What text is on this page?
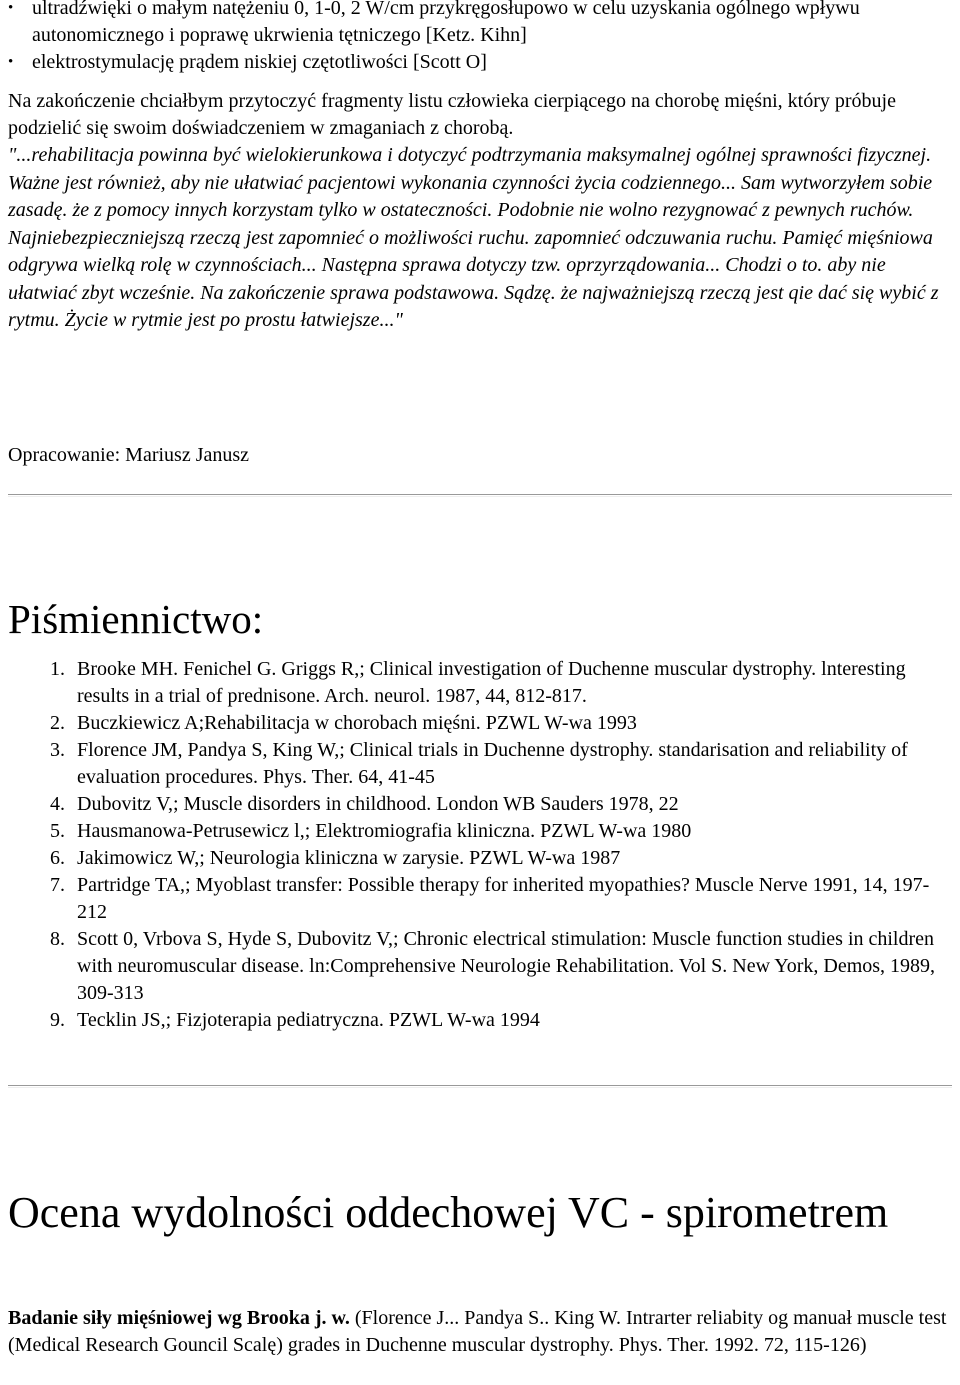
• ultradźwięki o małym natężeniu 0, 1-0, 2 W/cm przykręgosłupowo w celu uzyskania ogólnego wpływu autonomicznego i poprawę ukrwienia tętniczego [Ketz. Kihn]
• elektrostymulację prądem niskiej czętotliwości [Scott O]

Na zakończenie chciałbym przytoczyć fragmenty listu człowieka cierpiącego na chorobę mięśni, który próbuje podzielić się swoim doświadczeniem w zmaganiach z chorobą.

"...rehabilitacja powinna być wielokierunkowa i dotyczyć podtrzymania maksymalnej ogólnej sprawności fizycznej. Ważne jest również, aby nie ułatwiać pacjentowi wykonania czynności życia codziennego... Sam wytworzyłem sobie zasadę. że z pomocy innych korzystam tylko w ostateczności. Podobnie nie wolno rezygnować z pewnych ruchów. Najniebezpieczniejszą rzeczą jest zapomnieć o możliwości ruchu. zapomnieć odczuwania ruchu. Pamięć mięśniowa odgrywa wielką rolę w czynnościach... Następna sprawa dotyczy tzw. oprzyrządowania... Chodzi o to. aby nie ułatwiać zbyt wcześnie. Na zakończenie sprawa podstawowa. Sądzę. że najważniejszą rzeczą jest qie dać się wybić z rytmu. Życie w rytmie jest po prostu łatwiejsze..."

Opracowanie: Mariusz Janusz

Piśmiennictwo:
1. Brooke MH. Fenichel G. Griggs R,; Clinical investigation of Duchenne muscular dystrophy. lnteresting results in a trial of prednisone. Arch. neurol. 1987, 44, 812-817.
2. Buczkiewicz A;Rehabilitacja w chorobach mięśni. PZWL W-wa 1993
3. Florence JM, Pandya S, King W,; Clinical trials in Duchenne dystrophy. standarisation and reliability of evaluation procedures. Phys. Ther. 64, 41-45
4. Dubovitz V,; Muscle disorders in childhood. London WB Sauders 1978, 22
5. Hausmanowa-Petrusewicz l,; Elektromiografia kliniczna. PZWL W-wa 1980
6. Jakimowicz W,; Neurologia kliniczna w zarysie. PZWL W-wa 1987
7. Partridge TA,; Myoblast transfer: Possible therapy for inherited myopathies? Muscle Nerve 1991, 14, 197-212
8. Scott 0, Vrbova S, Hyde S, Dubovitz V,; Chronic electrical stimulation: Muscle function studies in children with neuromuscular disease. ln:Comprehensive Neurologie Rehabilitation. Vol S. New York, Demos, 1989, 309-313
9. Tecklin JS,; Fizjoterapia pediatryczna. PZWL W-wa 1994
Ocena wydolności oddechowej VC - spirometrem

Badanie siły mięśniowej wg Brooka j. w. (Florence J... Pandya S.. King W. Intrarter reliabity og manuał muscle test (Medical Research Gouncil Scalę) grades in Duchenne muscular dystrophy. Phys. Ther. 1992. 72, 115-126)
